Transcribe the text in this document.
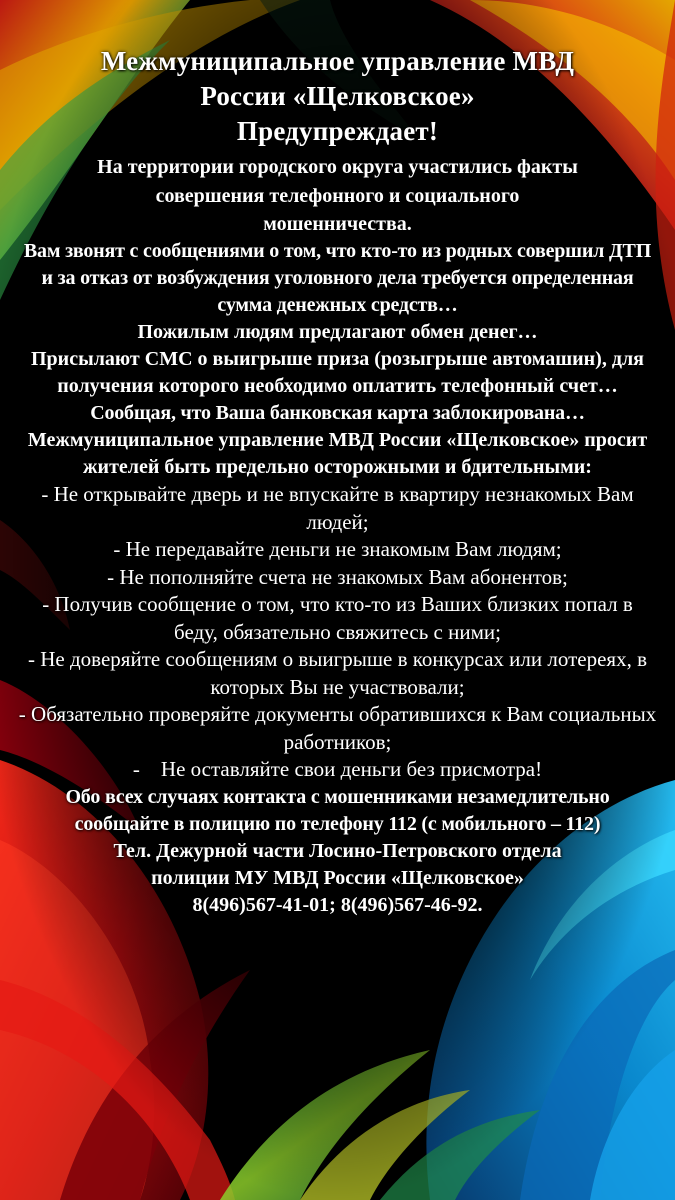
Межмуниципальное управление МВД
России «Щелковское»
Предупреждает!
На территории городского округа участились факты
совершения телефонного и социального
мошенничества.

Вам звонят с сообщениями о том, что кто-то из родных совершил ДТП и за отказ от возбуждения уголовного дела требуется определенная сумма денежных средств…

Пожилым людям предлагают обмен денег…

Присылают СМС о выигрыше приза (розыгрыше автомашин), для получения которого необходимо оплатить телефонный счет…

Сообщая, что Ваша банковская карта заблокирована…

Межмуниципальное управление МВД России «Щелковское» просит жителей быть предельно осторожными и бдительными:

- Не открывайте дверь и не впускайте в квартиру незнакомых Вам людей;

- Не передавайте деньги не знакомым Вам людям;

- Не пополняйте счета не знакомых Вам абонентов;

- Получив сообщение о том, что кто-то из Ваших близких попал в беду, обязательно свяжитесь с ними;

- Не доверяйте сообщениям о выигрыше в конкурсах или лотереях, в которых Вы не участвовали;

- Обязательно проверяйте документы обратившихся к Вам социальных работников;

-    Не оставляйте свои деньги без присмотра!

Обо всех случаях контакта с мошенниками незамедлительно сообщайте в полицию по телефону 112 (с мобильного – 112)

Тел. Дежурной части Лосино-Петровского отдела

полиции МУ МВД России «Щелковское»

8(496)567-41-01; 8(496)567-46-92.
